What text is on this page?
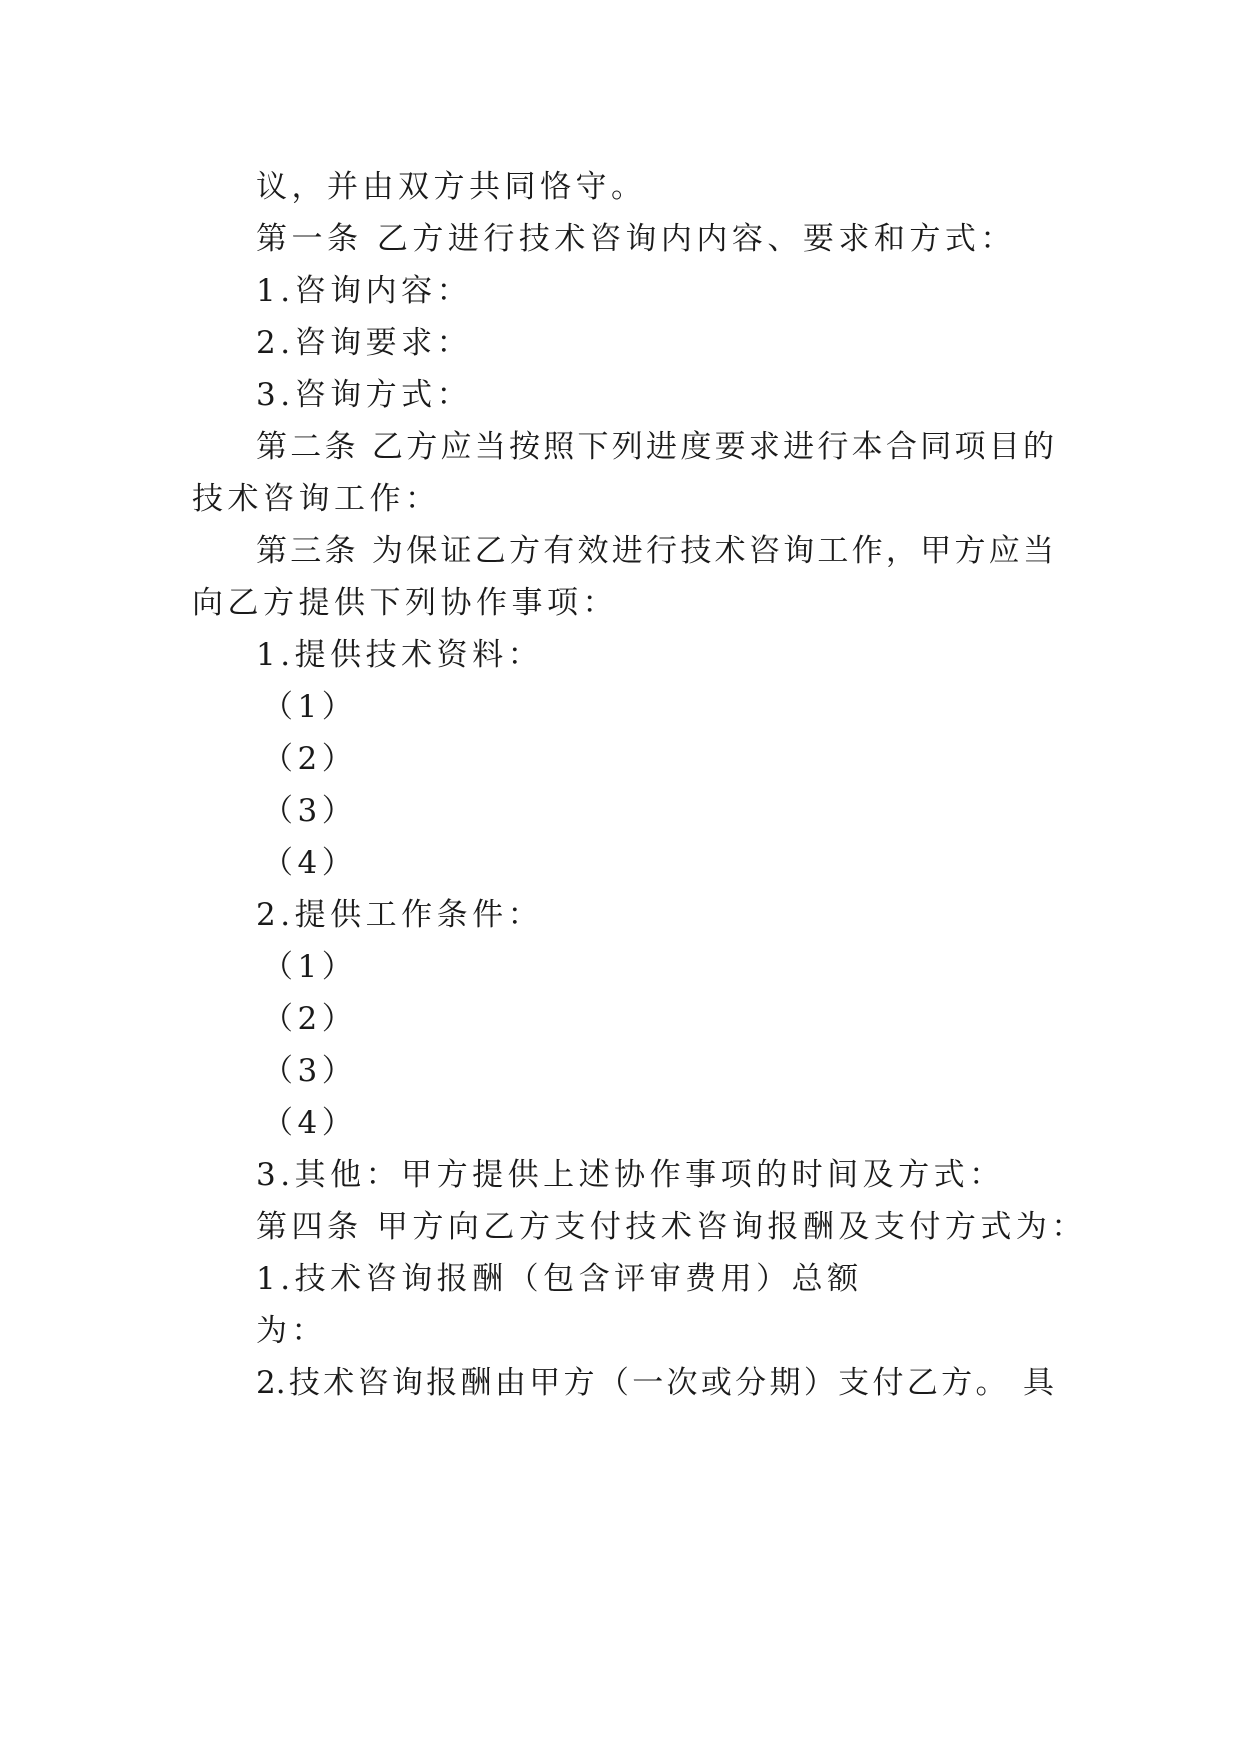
议，并由双方共同恪守。
第一条 乙方进行技术咨询内内容、要求和方式：
1.咨询内容：
2.咨询要求：
3.咨询方式：
第二条 乙方应当按照下列进度要求进行本合同项目的
技术咨询工作：
第三条 为保证乙方有效进行技术咨询工作，甲方应当
向乙方提供下列协作事项：
1.提供技术资料：
（1）
（2）
（3）
（4）
2.提供工作条件：
（1）
（2）
（3）
（4）
3.其他：甲方提供上述协作事项的时间及方式：
第四条 甲方向乙方支付技术咨询报酬及支付方式为：
1.技术咨询报酬（包含评审费用）总额
为：
2.技术咨询报酬由甲方（一次或分期）支付乙方。 具
